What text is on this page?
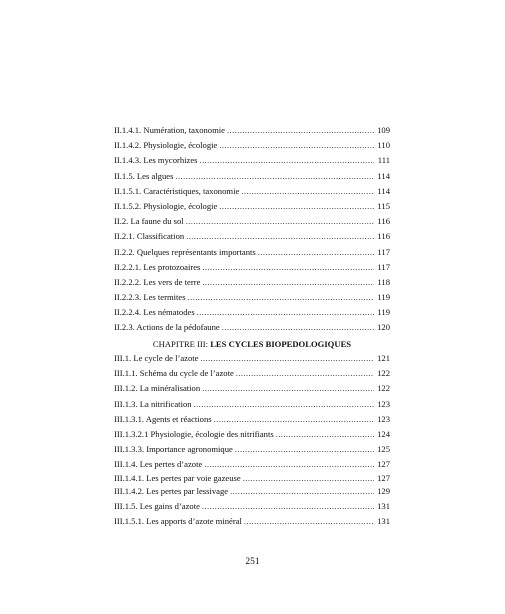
II.1.4.1. Numération, taxonomie .....	109
II.1.4.2. Physiologie, écologie .....	110
II.1.4.3. Les mycorhizes .....	111
II.1.5. Les algues .....	114
II.1.5.1. Caractéristiques, taxonomie .....	114
II.1.5.2. Physiologie, écologie .....	115
II.2. La faune du sol .....	116
II.2.1. Classification .....	116
II.2.2. Quelques représentants importants .....	117
II.2.2.1. Les protozoaires .....	117
II.2.2.2. Les vers de terre .....	118
II.2.2.3. Les termites .....	119
II.2.2.4. Les nématodes .....	119
II.2.3. Actions de la pédofaune .....	120
CHAPITRE III: LES CYCLES BIOPEDOLOGIQUES
III.1. Le cycle de l’azote .....	121
III.1.1. Schéma du cycle de l’azote .....	122
III.1.2. La minéralisation .....	122
III.1.3. La nitrification .....	123
III.1.3.1. Agents et réactions .....	123
III.1.3.2.1 Physiologie, écologie des nitrifiants .....	124
III.1.3.3. Importance agronomique .....	125
III.1.4. Les pertes d’azote .....	127
III.1.4.1. Les pertes par voie gazeuse .....	127
III.1.4.2. Les pertes par lessivage .....	129
III.1.5. Les gains d’azote .....	131
III.1.5.1. Les apports d’azote minéral .....	131
251
